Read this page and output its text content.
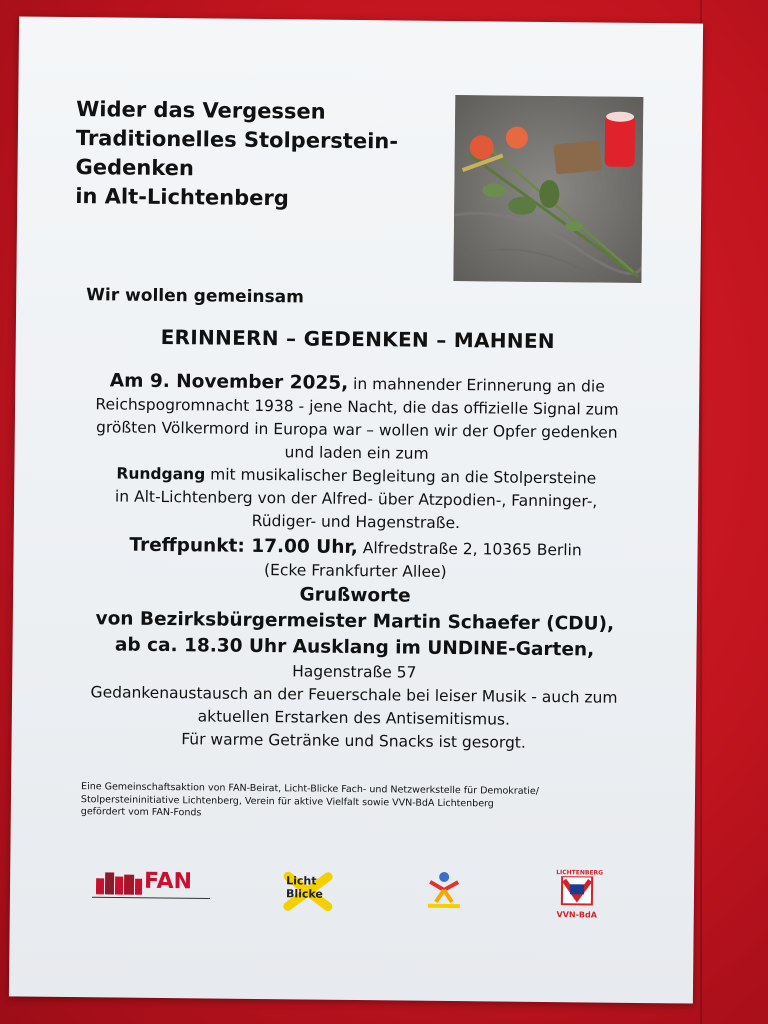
Wider das Vergessen
Traditionelles Stolperstein-
Gedenken
in Alt-Lichtenberg
Wir wollen gemeinsam
ERINNERN – GEDENKEN – MAHNEN
Am 9. November 2025, in mahnender Erinnerung an die
Reichspogromnacht 1938 - jene Nacht, die das offizielle Signal zum
größten Völkermord in Europa war – wollen wir der Opfer gedenken
und laden ein zum
Rundgang mit musikalischer Begleitung an die Stolpersteine
in Alt-Lichtenberg von der Alfred- über Atzpodien-, Fanninger-,
Rüdiger- und Hagenstraße.
Treffpunkt: 17.00 Uhr, Alfredstraße 2, 10365 Berlin
(Ecke Frankfurter Allee)
Grußworte
von Bezirksbürgermeister Martin Schaefer (CDU),
ab ca. 18.30 Uhr Ausklang im UNDINE-Garten,
Hagenstraße 57
Gedankenaustausch an der Feuerschale bei leiser Musik - auch zum
aktuellen Erstarken des Antisemitismus.
Für warme Getränke und Snacks ist gesorgt.
Eine Gemeinschaftsaktion von FAN-Beirat, Licht-Blicke Fach- und Netzwerkstelle für Demokratie/
Stolpersteininitiative Lichtenberg, Verein für aktive Vielfalt sowie VVN-BdA Lichtenberg
gefördert vom FAN-Fonds
FAN	Licht
Blicke
LICHTENBERG
VVN-BdA
